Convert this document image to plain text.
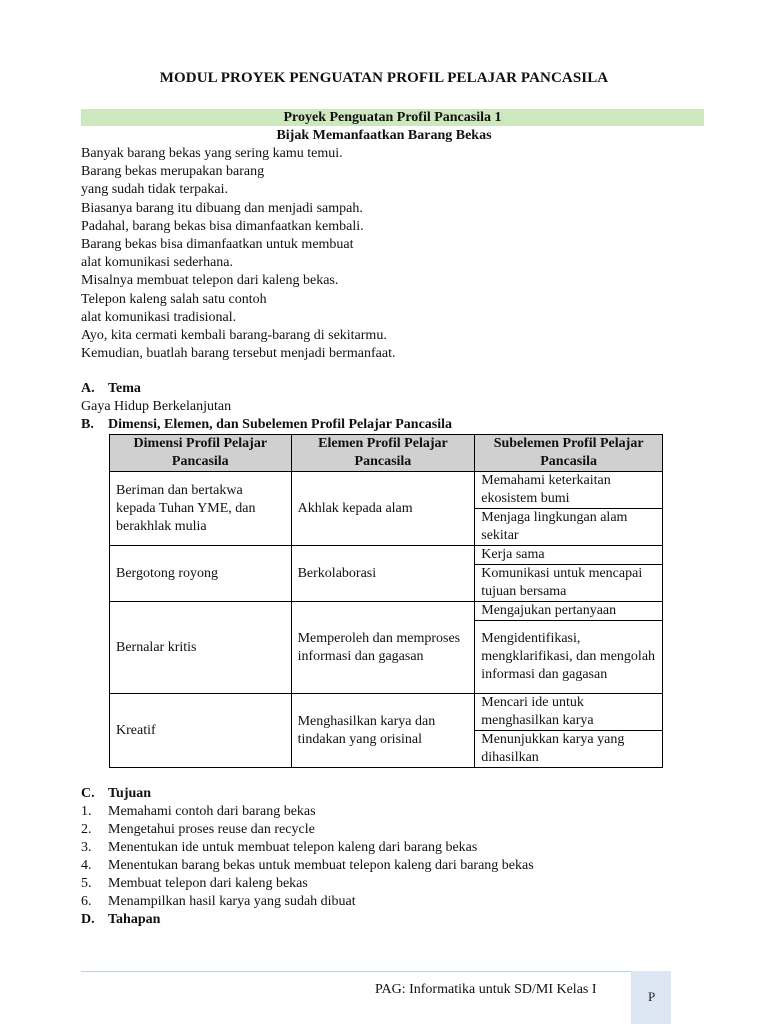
MODUL PROYEK PENGUATAN PROFIL PELAJAR PANCASILA
Proyek Penguatan Profil Pancasila 1
Bijak Memanfaatkan Barang Bekas
Banyak barang bekas yang sering kamu temui.
Barang bekas merupakan barang
yang sudah tidak terpakai.
Biasanya barang itu dibuang dan menjadi sampah.
Padahal, barang bekas bisa dimanfaatkan kembali.
Barang bekas bisa dimanfaatkan untuk membuat
alat komunikasi sederhana.
Misalnya membuat telepon dari kaleng bekas.
Telepon kaleng salah satu contoh
alat komunikasi tradisional.
Ayo, kita cermati kembali barang-barang di sekitarmu.
Kemudian, buatlah barang tersebut menjadi bermanfaat.
A. Tema
Gaya Hidup Berkelanjutan
B. Dimensi, Elemen, dan Subelemen Profil Pelajar Pancasila
Dimensi Profil Pelajar Pancasila	Elemen Profil Pelajar Pancasila	Subelemen Profil Pelajar Pancasila
Beriman dan bertakwa kepada Tuhan YME, dan berakhlak mulia	Akhlak kepada alam	Memahami keterkaitan ekosistem bumi
		Menjaga lingkungan alam sekitar
Bergotong royong	Berkolaborasi	Kerja sama
		Komunikasi untuk mencapai tujuan bersama
Bernalar kritis	Memperoleh dan memproses informasi dan gagasan	Mengajukan pertanyaan
		Mengidentifikasi, mengklarifikasi, dan mengolah informasi dan gagasan
Kreatif	Menghasilkan karya dan tindakan yang orisinal	Mencari ide untuk menghasilkan karya
		Menunjukkan karya yang dihasilkan
C. Tujuan
1. Memahami contoh dari barang bekas
2. Mengetahui proses reuse dan recycle
3. Menentukan ide untuk membuat telepon kaleng dari barang bekas
4. Menentukan barang bekas untuk membuat telepon kaleng dari barang bekas
5. Membuat telepon dari kaleng bekas
6. Menampilkan hasil karya yang sudah dibuat
D. Tahapan
PAG: Informatika untuk SD/MI Kelas I	P
